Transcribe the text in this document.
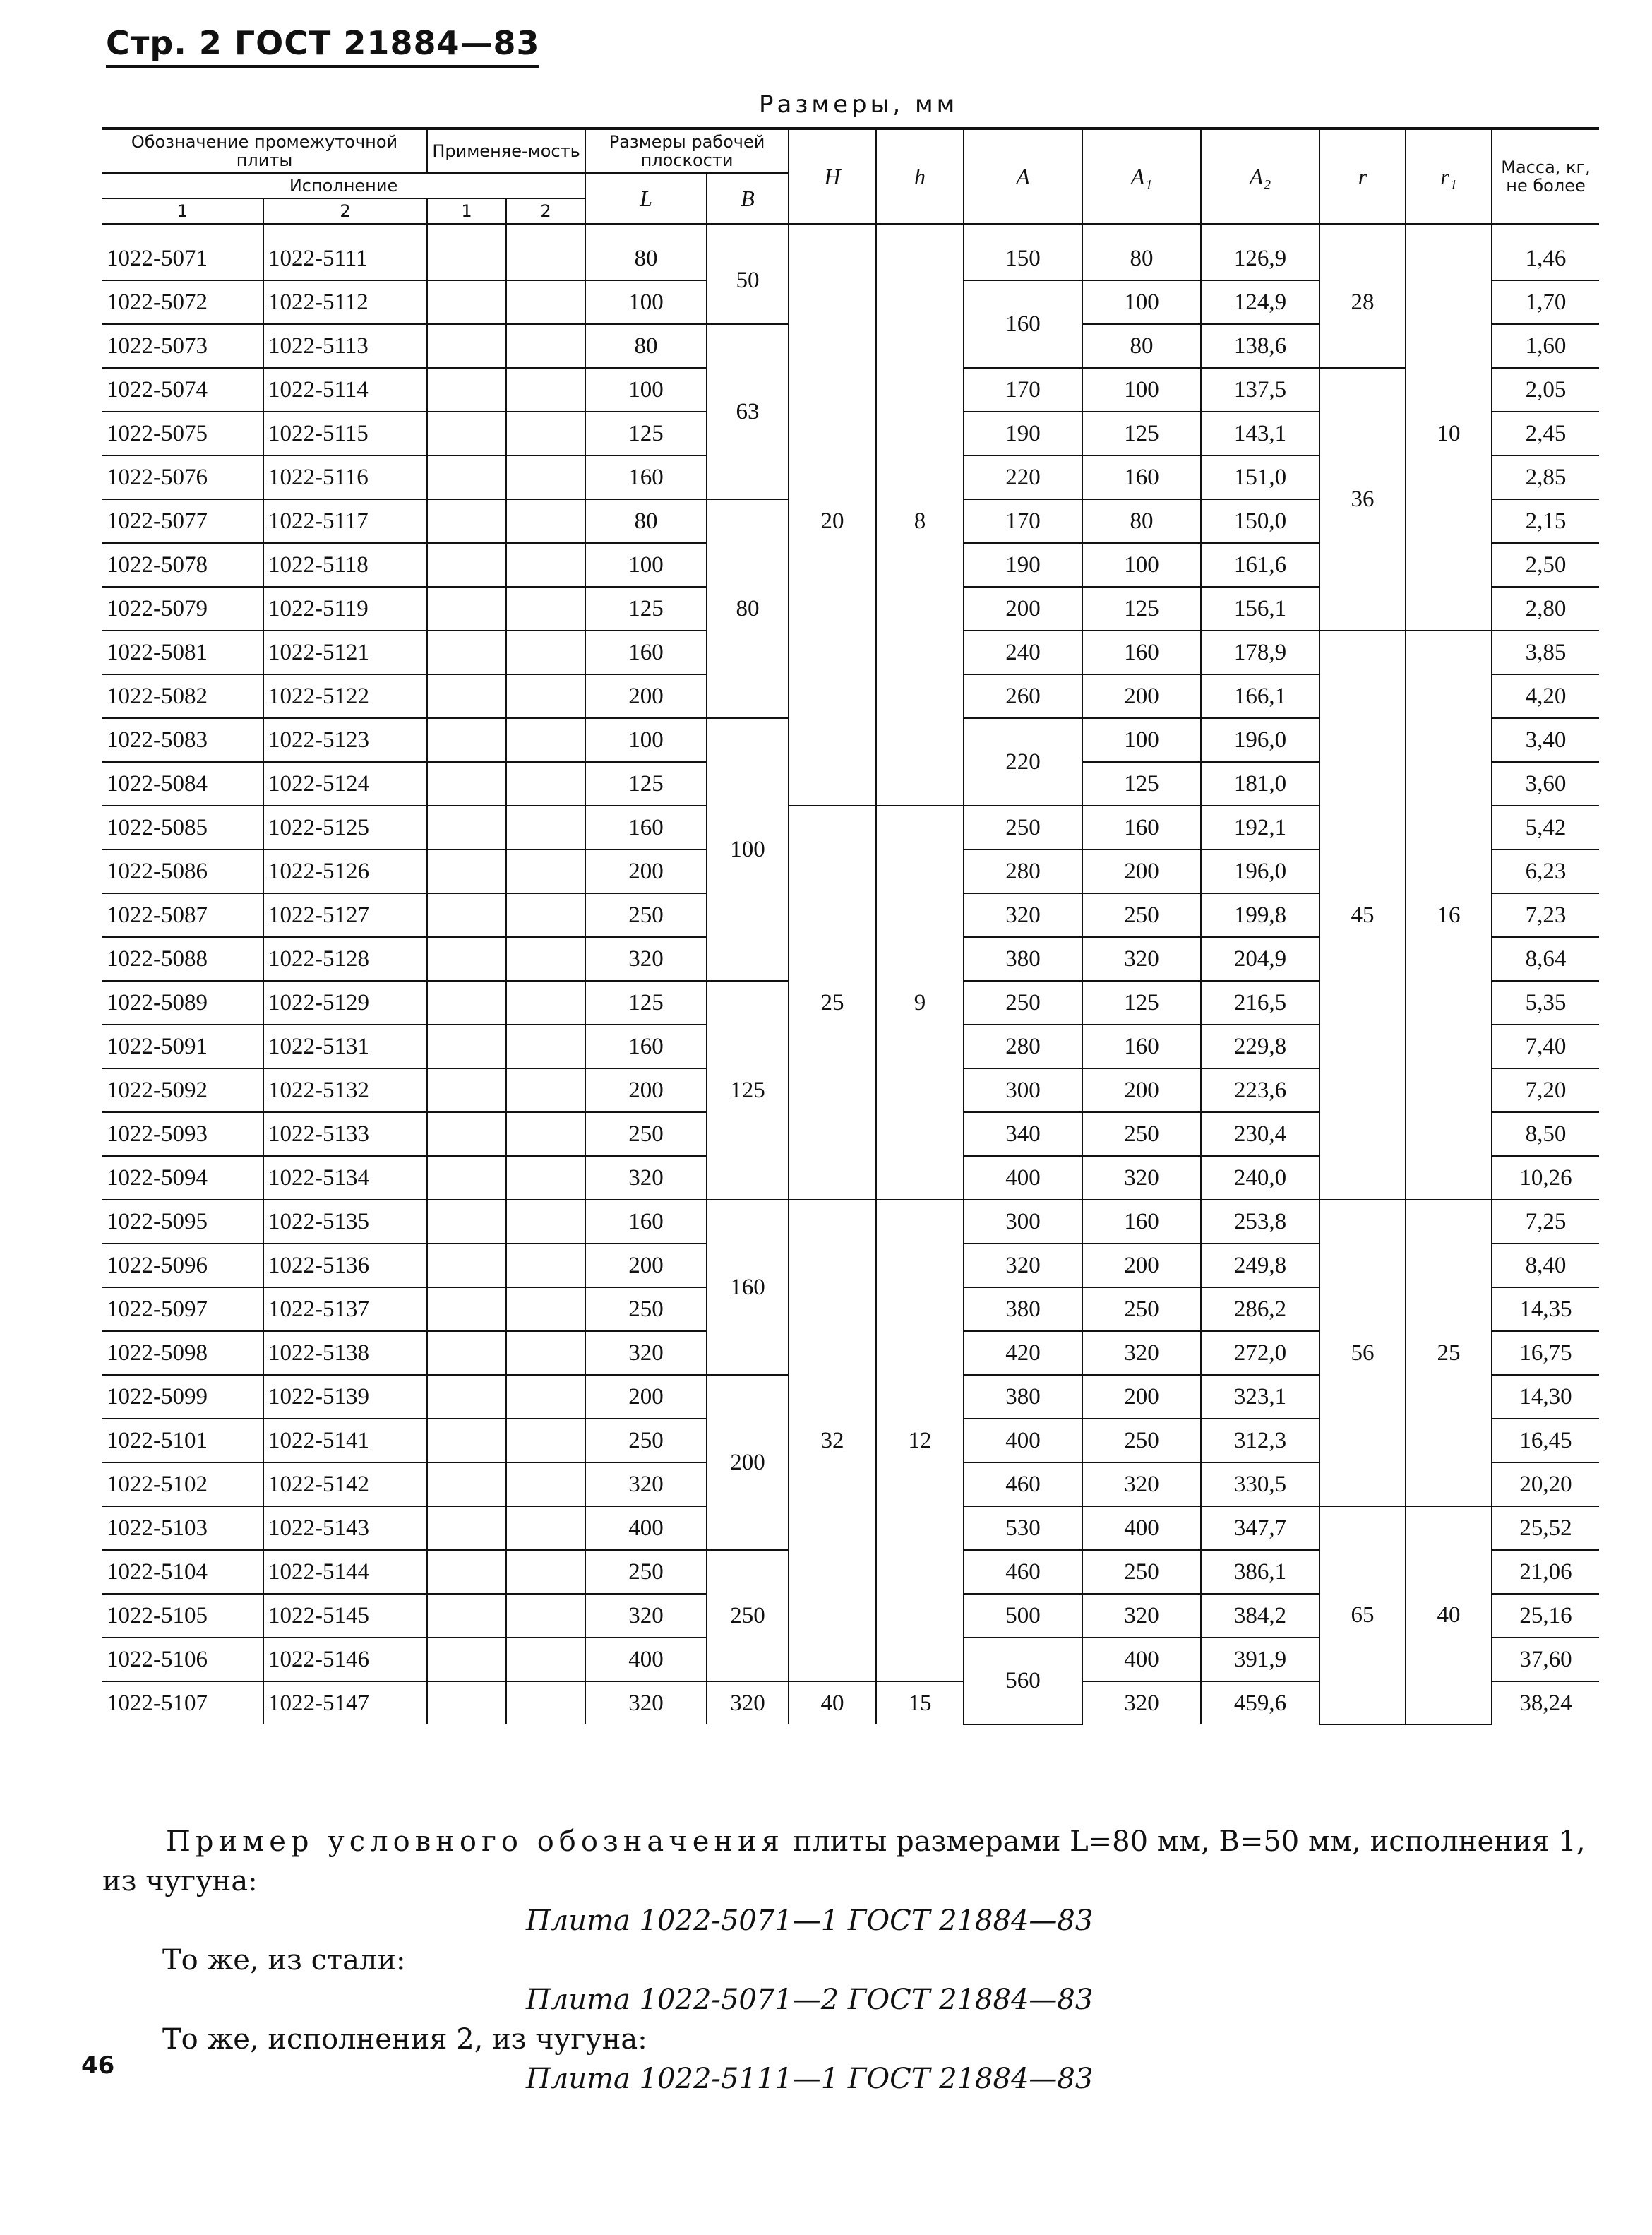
Стр. 2 ГОСТ 21884—83
Размеры, мм
Обозначение промежуточной плиты		Применяе-мость		Размеры рабочей плоскости		H	h	A	A₁	A₂	r	r₁	Масса, кг, не более
Исполнение				L	B								
1	2	1	2										
1022-5071	1022-5111			80	50	20	8	150	80	126,9	28	10	1,46
1022-5072	1022-5112			100				160	100	124,9			1,70
1022-5073	1022-5113			80	63				80	138,6			1,60
1022-5074	1022-5114			100				170	100	137,5	36		2,05
1022-5075	1022-5115			125				190	125	143,1			2,45
1022-5076	1022-5116			160				220	160	151,0			2,85
1022-5077	1022-5117			80	80			170	80	150,0			2,15
1022-5078	1022-5118			100				190	100	161,6			2,50
1022-5079	1022-5119			125				200	125	156,1			2,80
1022-5081	1022-5121			160				240	160	178,9	45	16	3,85
1022-5082	1022-5122			200				260	200	166,1			4,20
1022-5083	1022-5123			100	100			220	100	196,0			3,40
1022-5084	1022-5124			125					125	181,0			3,60
1022-5085	1022-5125			160		25	9	250	160	192,1			5,42
1022-5086	1022-5126			200				280	200	196,0			6,23
1022-5087	1022-5127			250				320	250	199,8			7,23
1022-5088	1022-5128			320				380	320	204,9			8,64
1022-5089	1022-5129			125	125			250	125	216,5			5,35
1022-5091	1022-5131			160				280	160	229,8			7,40
1022-5092	1022-5132			200				300	200	223,6			7,20
1022-5093	1022-5133			250				340	250	230,4			8,50
1022-5094	1022-5134			320				400	320	240,0			10,26
1022-5095	1022-5135			160	160	32	12	300	160	253,8	56	25	7,25
1022-5096	1022-5136			200				320	200	249,8			8,40
1022-5097	1022-5137			250				380	250	286,2			14,35
1022-5098	1022-5138			320				420	320	272,0			16,75
1022-5099	1022-5139			200	200			380	200	323,1			14,30
1022-5101	1022-5141			250				400	250	312,3			16,45
1022-5102	1022-5142			320				460	320	330,5			20,20
1022-5103	1022-5143			400				530	400	347,7	65	40	25,52
1022-5104	1022-5144			250	250			460	250	386,1			21,06
1022-5105	1022-5145			320				500	320	384,2			25,16
1022-5106	1022-5146			400				560	400	391,9			37,60
1022-5107	1022-5147			320	320	40	15		320	459,6			38,24
Пример условного обозначения плиты размерами L=80 мм, B=50 мм, исполнения 1, из чугуна:
Плита 1022-5071—1 ГОСТ 21884—83
То же, из стали:
Плита 1022-5071—2 ГОСТ 21884—83
То же, исполнения 2, из чугуна:
Плита 1022-5111—1 ГОСТ 21884—83
46
